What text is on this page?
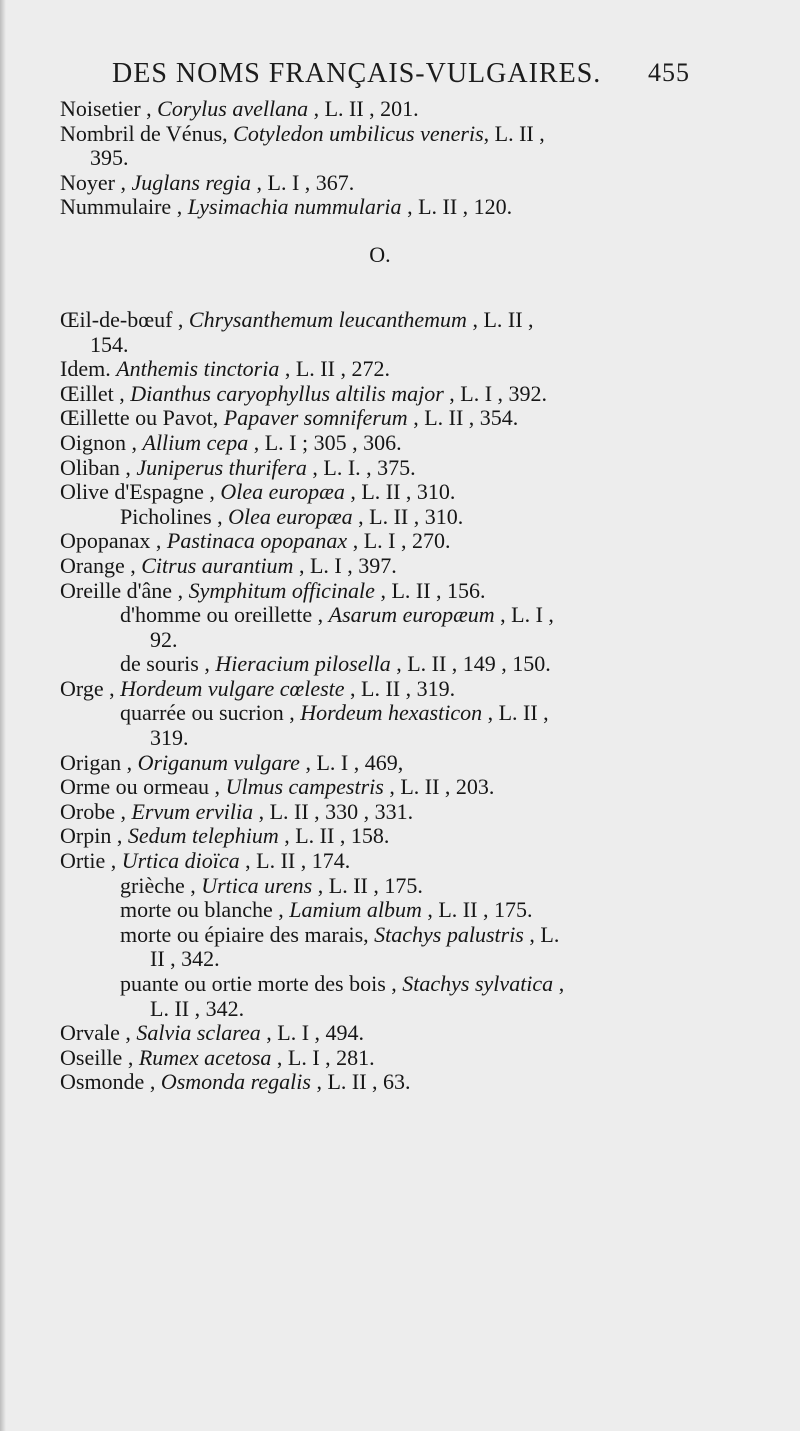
DES NOMS FRANÇAIS-VULGAIRES. 455
Noisetier , Corylus avellana , L. II , 201.
Nombril de Vénus, Cotyledon umbilicus veneris, L. II ,
395.
Noyer , Juglans regia , L. I , 367.
Nummulaire , Lysimachia nummularia , L. II , 120.
O.
Œil-de-bœuf , Chrysanthemum leucanthemum , L. II ,
154.
Idem. Anthemis tinctoria , L. II , 272.
Œillet , Dianthus caryophyllus altilis major , L. I , 392.
Œillette ou Pavot, Papaver somniferum , L. II , 354.
Oignon , Allium cepa , L. I ; 305 , 306.
Oliban , Juniperus thurifera , L. I. , 375.
Olive d'Espagne , Olea europæa , L. II , 310.
Picholines , Olea europæa , L. II , 310.
Opopanax , Pastinaca opopanax , L. I , 270.
Orange , Citrus aurantium , L. I , 397.
Oreille d'âne , Symphitum officinale , L. II , 156.
d'homme ou oreillette , Asarum europæum , L. I ,
92.
de souris , Hieracium pilosella , L. II , 149 , 150.
Orge , Hordeum vulgare cœleste , L. II , 319.
quarrée ou sucrion , Hordeum hexasticon , L. II ,
319.
Origan , Origanum vulgare , L. I , 469,
Orme ou ormeau , Ulmus campestris , L. II , 203.
Orobe , Ervum ervilia , L. II , 330 , 331.
Orpin , Sedum telephium , L. II , 158.
Ortie , Urtica dioïca , L. II , 174.
grièche , Urtica urens , L. II , 175.
morte ou blanche , Lamium album , L. II , 175.
morte ou épiaire des marais, Stachys palustris , L.
II , 342.
puante ou ortie morte des bois , Stachys sylvatica ,
L. II , 342.
Orvale , Salvia sclarea , L. I , 494.
Oseille , Rumex acetosa , L. I , 281.
Osmonde , Osmonda regalis , L. II , 63.
